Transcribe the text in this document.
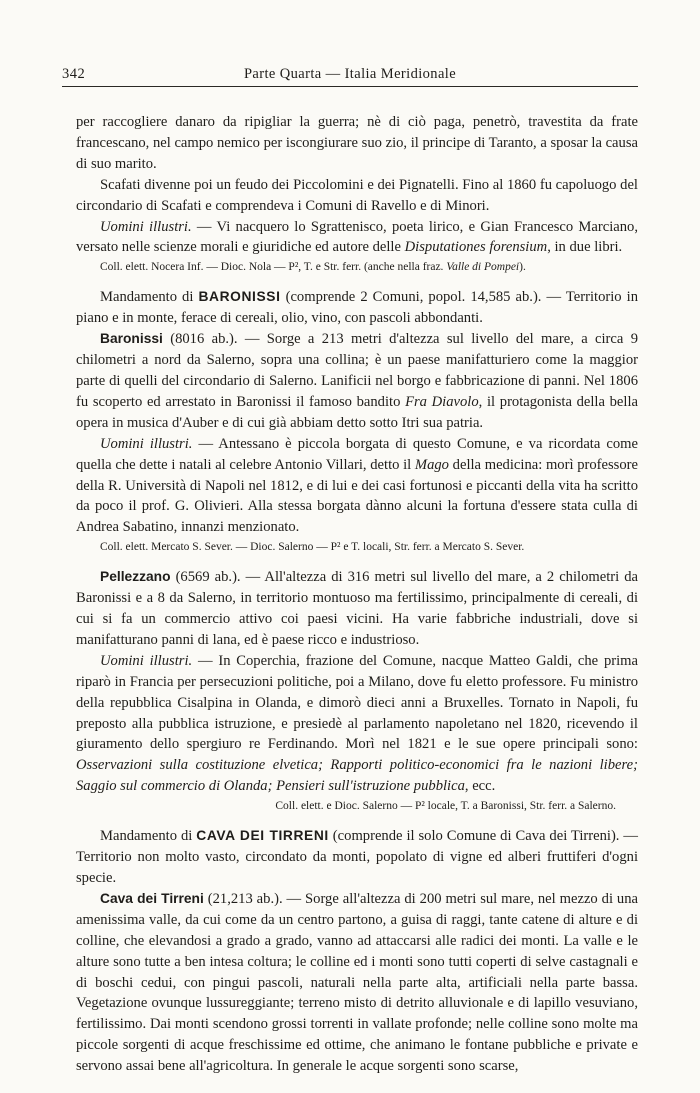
342	Parte Quarta — Italia Meridionale

per raccogliere danaro da ripigliar la guerra; nè di ciò paga, penetrò, travestita da frate francescano, nel campo nemico per iscongiurare suo zio, il principe di Taranto, a sposar la causa di suo marito.

Scafati divenne poi un feudo dei Piccolomini e dei Pignatelli. Fino al 1860 fu capoluogo del circondario di Scafati e comprendeva i Comuni di Ravello e di Minori.

Uomini illustri. — Vi nacquero lo Sgrattenisco, poeta lirico, e Gian Francesco Marciano, versato nelle scienze morali e giuridiche ed autore delle Disputationes forensium, in due libri.

Coll. elett. Nocera Inf. — Dioc. Nola — P², T. e Str. ferr. (anche nella fraz. Valle di Pompei).

Mandamento di BARONISSI (comprende 2 Comuni, popol. 14,585 ab.). — Territorio in piano e in monte, ferace di cereali, olio, vino, con pascoli abbondanti.

Baronissi (8016 ab.). — Sorge a 213 metri d'altezza sul livello del mare, a circa 9 chilometri a nord da Salerno, sopra una collina; è un paese manifatturiero come la maggior parte di quelli del circondario di Salerno. Lanificii nel borgo e fabbricazione di panni. Nel 1806 fu scoperto ed arrestato in Baronissi il famoso bandito Fra Diavolo, il protagonista della bella opera in musica d'Auber e di cui già abbiam detto sotto Itri sua patria.

Uomini illustri. — Antessano è piccola borgata di questo Comune, e va ricordata come quella che dette i natali al celebre Antonio Villari, detto il Mago della medicina: morì professore della R. Università di Napoli nel 1812, e di lui e dei casi fortunosi e piccanti della vita ha scritto da poco il prof. G. Olivieri. Alla stessa borgata dànno alcuni la fortuna d'essere stata culla di Andrea Sabatino, innanzi menzionato.

Coll. elett. Mercato S. Sever. — Dioc. Salerno — P² e T. locali, Str. ferr. a Mercato S. Sever.

Pellezzano (6569 ab.). — All'altezza di 316 metri sul livello del mare, a 2 chilometri da Baronissi e a 8 da Salerno, in territorio montuoso ma fertilissimo, principalmente di cereali, di cui si fa un commercio attivo coi paesi vicini. Ha varie fabbriche industriali, dove si manifatturano panni di lana, ed è paese ricco e industrioso.

Uomini illustri. — In Coperchia, frazione del Comune, nacque Matteo Galdi, che prima riparò in Francia per persecuzioni politiche, poi a Milano, dove fu eletto professore. Fu ministro della repubblica Cisalpina in Olanda, e dimorò dieci anni a Bruxelles. Tornato in Napoli, fu preposto alla pubblica istruzione, e presiedè al parlamento napoletano nel 1820, ricevendo il giuramento dello spergiuro re Ferdinando. Morì nel 1821 e le sue opere principali sono: Osservazioni sulla costituzione elvetica; Rapporti politico-economici fra le nazioni libere; Saggio sul commercio di Olanda; Pensieri sull'istruzione pubblica, ecc.

Coll. elett. e Dioc. Salerno — P² locale, T. a Baronissi, Str. ferr. a Salerno.

Mandamento di CAVA DEI TIRRENI (comprende il solo Comune di Cava dei Tirreni). — Territorio non molto vasto, circondato da monti, popolato di vigne ed alberi fruttiferi d'ogni specie.

Cava dei Tirreni (21,213 ab.). — Sorge all'altezza di 200 metri sul mare, nel mezzo di una amenissima valle, da cui come da un centro partono, a guisa di raggi, tante catene di alture e di colline, che elevandosi a grado a grado, vanno ad attaccarsi alle radici dei monti. La valle e le alture sono tutte a ben intesa coltura; le colline ed i monti sono tutti coperti di selve castagnali e di boschi cedui, con pingui pascoli, naturali nella parte alta, artificiali nella parte bassa. Vegetazione ovunque lussureggiante; terreno misto di detrito alluvionale e di lapillo vesuviano, fertilissimo. Dai monti scendono grossi torrenti in vallate profonde; nelle colline sono molte ma piccole sorgenti di acque freschissime ed ottime, che animano le fontane pubbliche e private e servono assai bene all'agricoltura. In generale le acque sorgenti sono scarse,
